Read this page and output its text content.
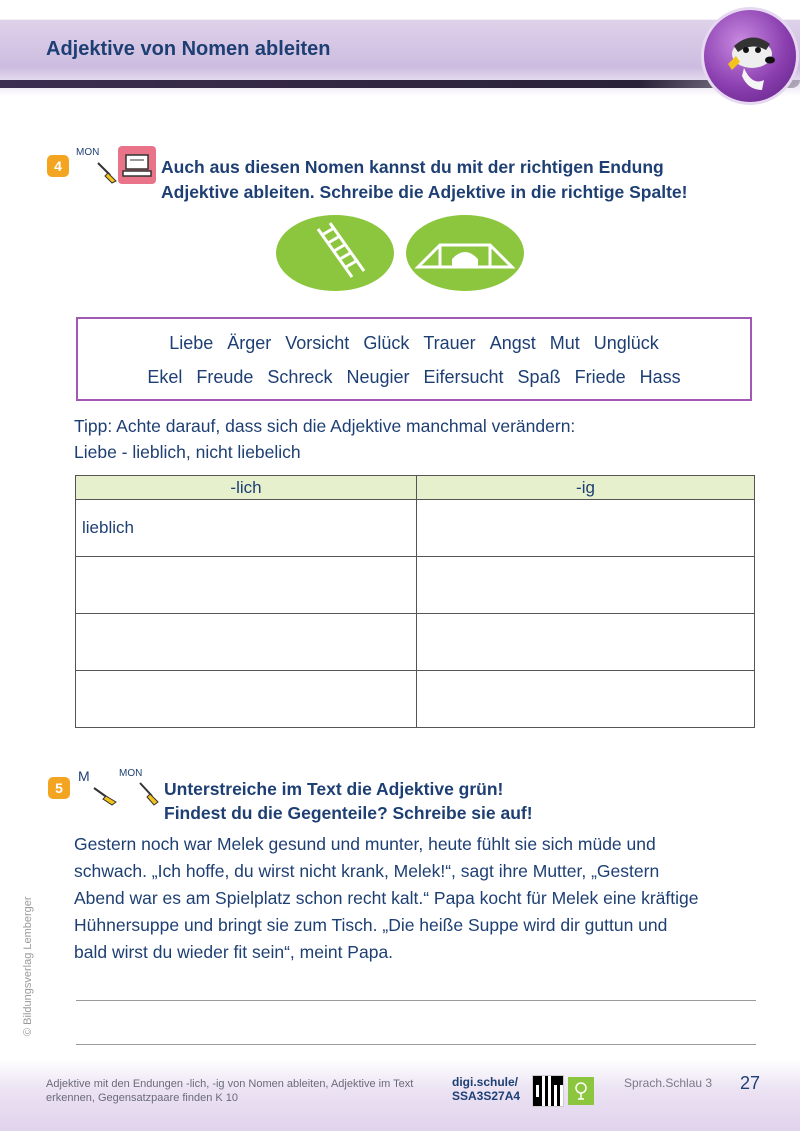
Adjektive von Nomen ableiten
4
MON
Auch aus diesen Nomen kannst du mit der richtigen Endung
Adjektive ableiten. Schreibe die Adjektive in die richtige Spalte!
Liebe Ärger Vorsicht Glück Trauer Angst Mut Unglück
Ekel Freude Schreck Neugier Eifersucht Spaß Friede Hass
Tipp: Achte darauf, dass sich die Adjektive manchmal verändern:
Liebe - lieblich, nicht liebelich
-lich	-ig
lieblich	

5
M	MON
Unterstreiche im Text die Adjektive grün!
Findest du die Gegenteile? Schreibe sie auf!
Gestern noch war Melek gesund und munter, heute fühlt sie sich müde und
schwach. „Ich hoffe, du wirst nicht krank, Melek!“, sagt ihre Mutter, „Gestern
Abend war es am Spielplatz schon recht kalt.“ Papa kocht für Melek eine kräftige
Hühnersuppe und bringt sie zum Tisch. „Die heiße Suppe wird dir guttun und
bald wirst du wieder fit sein“, meint Papa.
© Bildungsverlag Lemberger
Adjektive mit den Endungen -lich, -ig von Nomen ableiten, Adjektive im Text erkennen, Gegensatzpaare finden K 10
digi.schule/
SSA3S27A4
Sprach.Schlau 3 27
